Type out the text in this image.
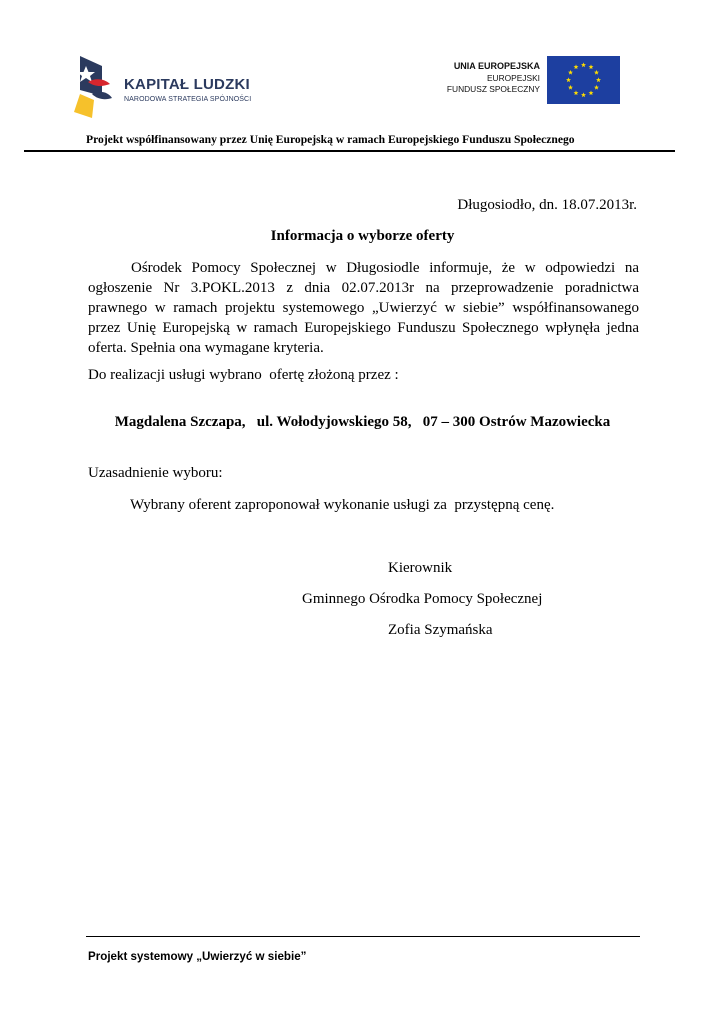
KAPITAŁ LUDZKI
NARODOWA STRATEGIA SPÓJNOŚCI
UNIA EUROPEJSKA
EUROPEJSKI
FUNDUSZ SPOŁECZNY
Projekt współfinansowany przez Unię Europejską w ramach Europejskiego Funduszu Społecznego
Długosiodło, dn. 18.07.2013r.
Informacja o wyborze oferty
Ośrodek Pomocy Społecznej w Długosiodle informuje, że w odpowiedzi na ogłoszenie Nr 3.POKL.2013 z dnia 02.07.2013r na przeprowadzenie poradnictwa prawnego w ramach projektu systemowego „Uwierzyć w siebie” współfinansowanego przez Unię Europejską w ramach Europejskiego Funduszu Społecznego wpłynęła jedna oferta. Spełnia ona wymagane kryteria.
Do realizacji usługi wybrano  ofertę złożoną przez :
Magdalena Szczapa,   ul. Wołodyjowskiego 58,   07 – 300 Ostrów Mazowiecka
Uzasadnienie wyboru:
Wybrany oferent zaproponował wykonanie usługi za  przystępną cenę.
Kierownik
Gminnego Ośrodka Pomocy Społecznej
Zofia Szymańska
Projekt systemowy „Uwierzyć w siebie”
